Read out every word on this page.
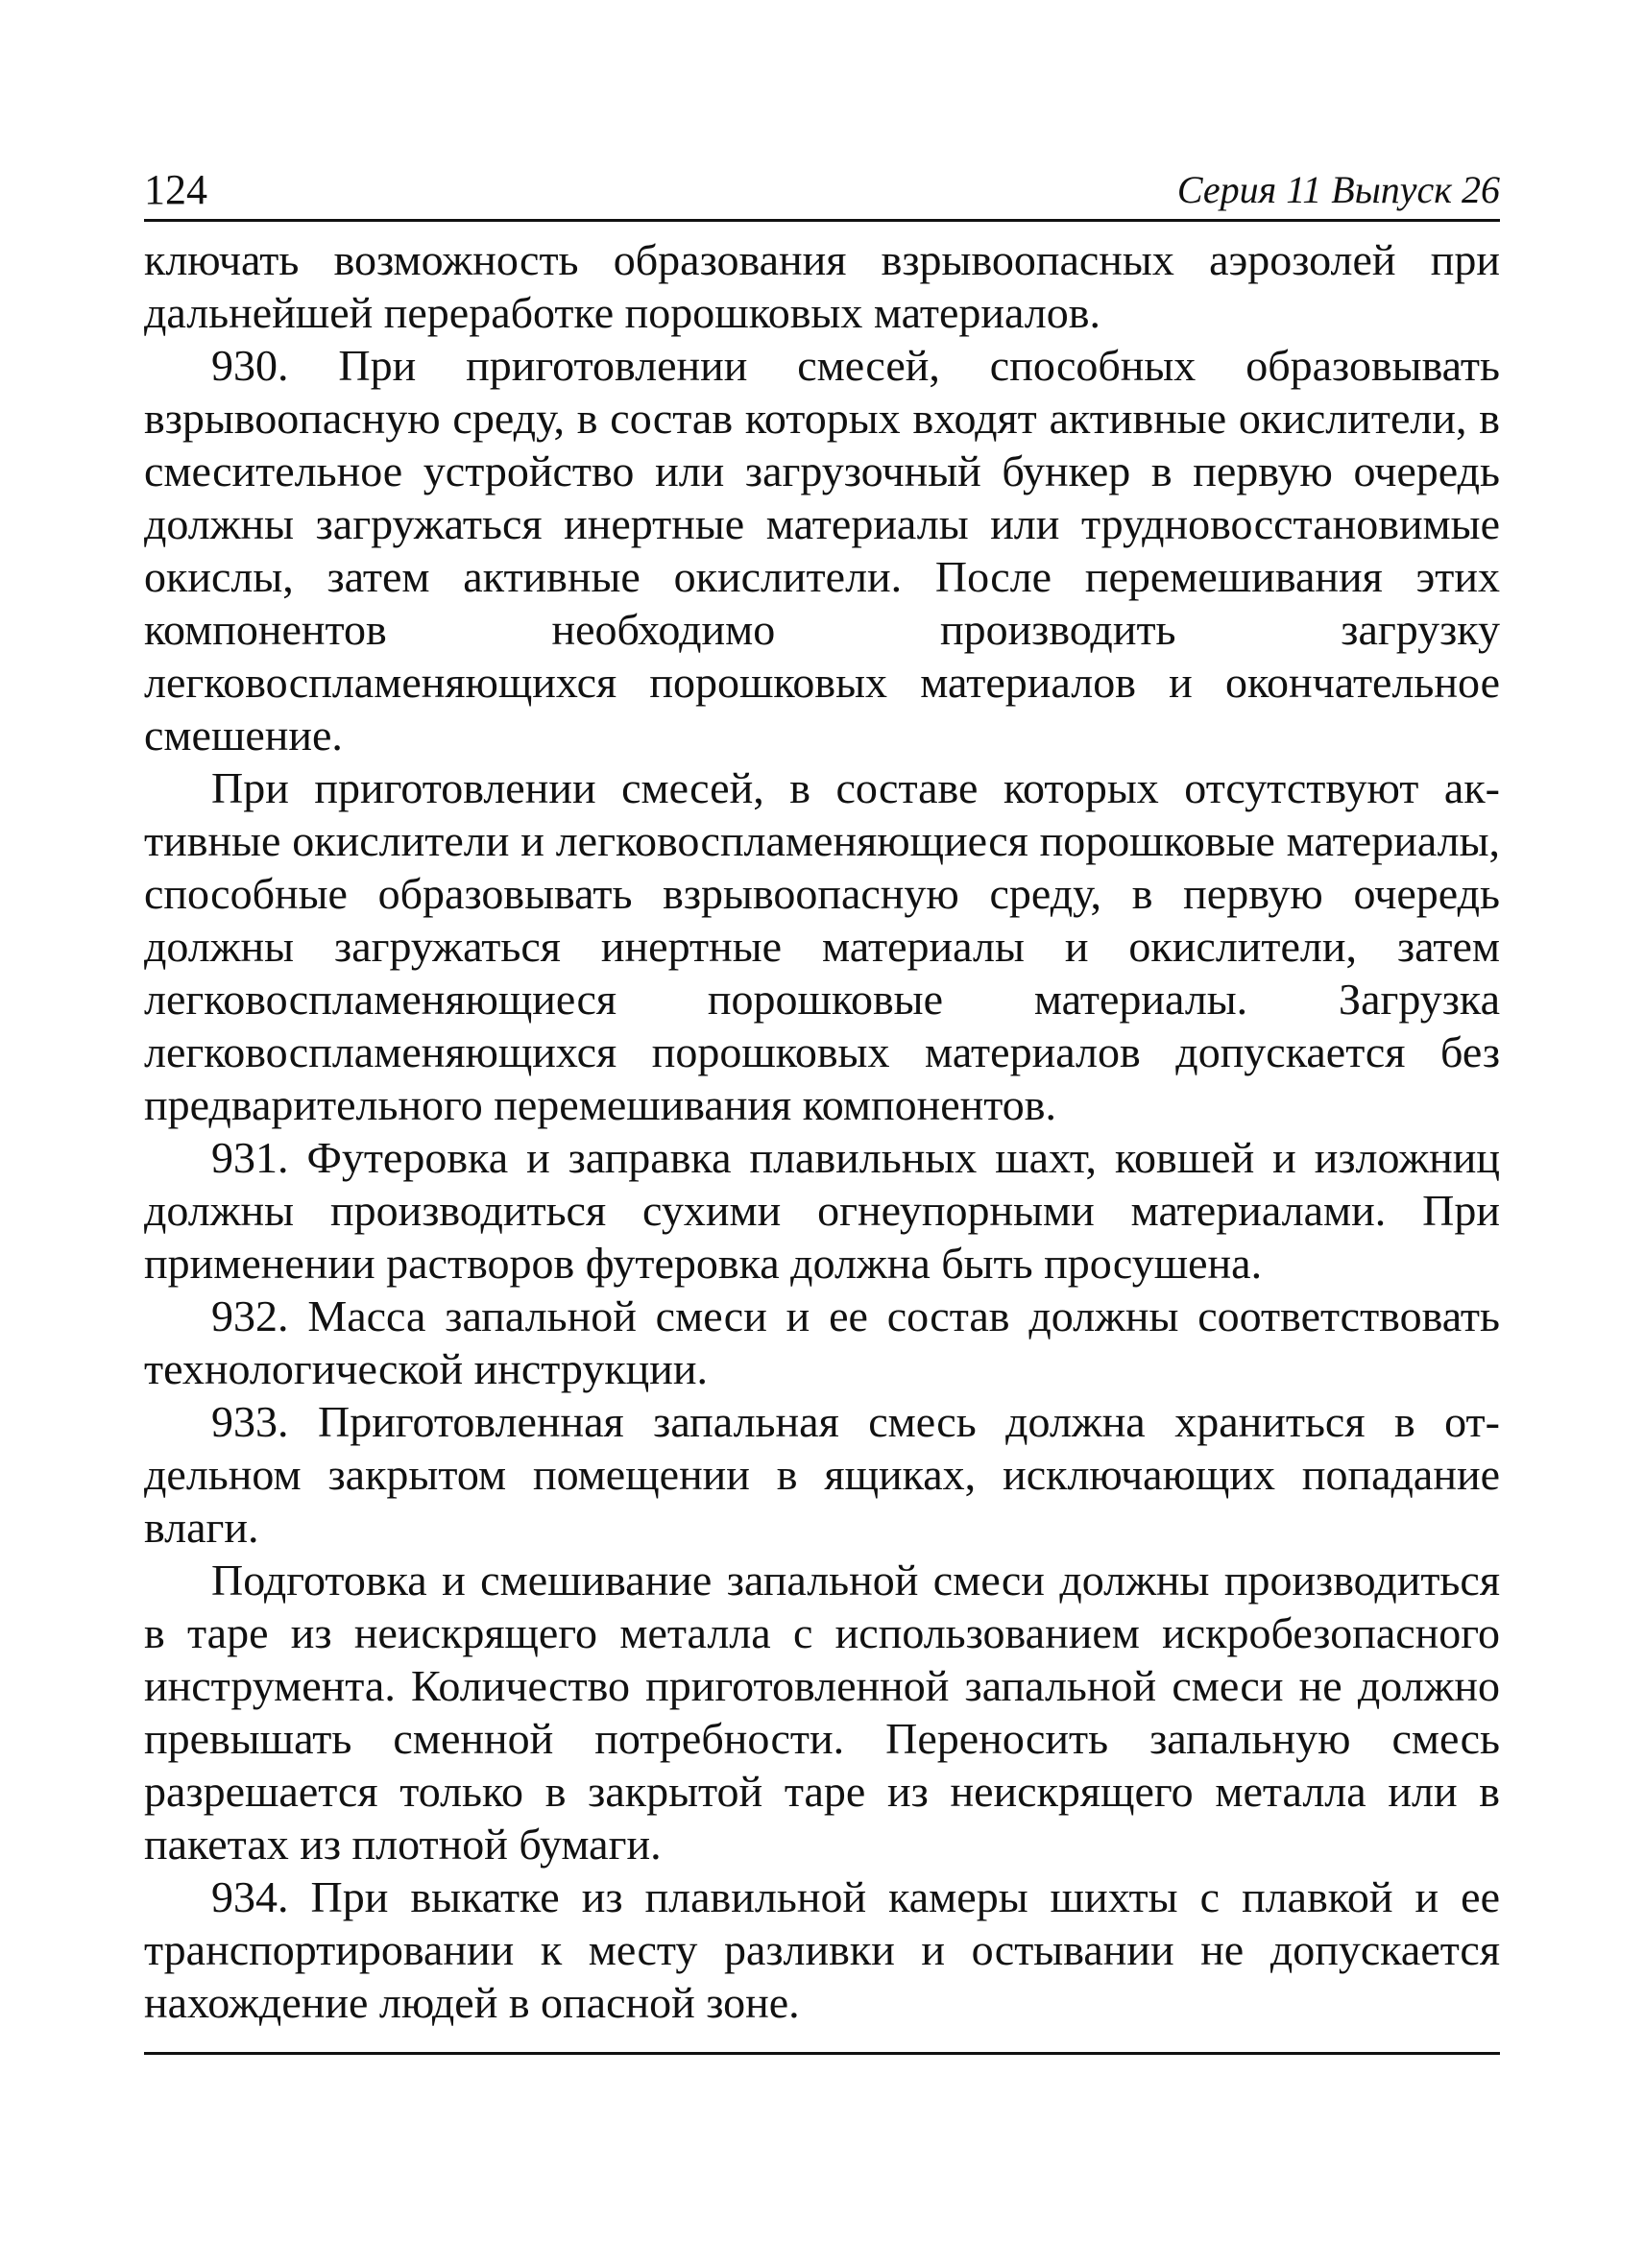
124	Серия 11 Выпуск 26

ключать возможность образования взрывоопасных аэрозолей при дальнейшей переработке порошковых материалов.

930. При приготовлении смесей, способных образовывать взрывоопасную среду, в состав которых входят активные окислители, в смесительное устройство или загрузочный бункер в первую очередь должны загружаться инертные материалы или трудновосстановимые окислы, затем активные окислители. После перемешивания этих компонентов необходимо производить загрузку легковоспламеняющихся порошковых материалов и окончательное смешение.

При приготовлении смесей, в составе которых отсутствуют активные окислители и легковоспламеняющиеся порошковые материалы, способные образовывать взрывоопасную среду, в первую очередь должны загружаться инертные материалы и окислители, затем легковоспламеняющиеся порошковые материалы. Загрузка легковоспламеняющихся порошковых материалов допускается без предварительного перемешивания компонентов.

931. Футеровка и заправка плавильных шахт, ковшей и изложниц должны производиться сухими огнеупорными материалами. При применении растворов футеровка должна быть просушена.

932. Масса запальной смеси и ее состав должны соответствовать технологической инструкции.

933. Приготовленная запальная смесь должна храниться в отдельном закрытом помещении в ящиках, исключающих попадание влаги.

Подготовка и смешивание запальной смеси должны производиться в таре из неискрящего металла с использованием искробезопасного инструмента. Количество приготовленной запальной смеси не должно превышать сменной потребности. Переносить запальную смесь разрешается только в закрытой таре из неискрящего металла или в пакетах из плотной бумаги.

934. При выкатке из плавильной камеры шихты с плавкой и ее транспортировании к месту разливки и остывании не допускается нахождение людей в опасной зоне.
